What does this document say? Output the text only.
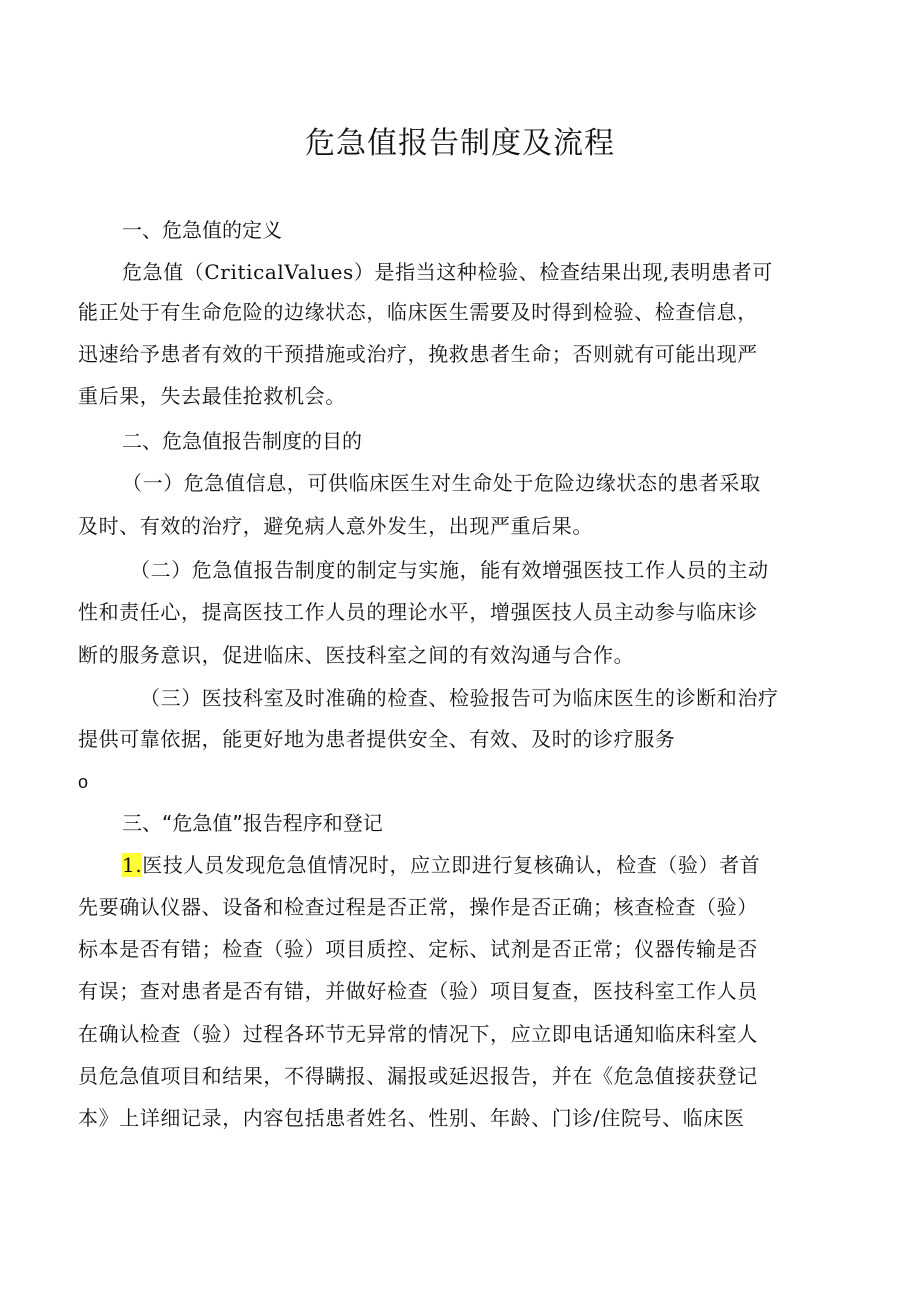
危急值报告制度及流程
一、危急值的定义
危急值（CriticalValues）是指当这种检验、检查结果出现,表明患者可
能正处于有生命危险的边缘状态，临床医生需要及时得到检验、检查信息，
迅速给予患者有效的干预措施或治疗，挽救患者生命；否则就有可能出现严
重后果，失去最佳抢救机会。
二、危急值报告制度的目的
（一）危急值信息，可供临床医生对生命处于危险边缘状态的患者采取
及时、有效的治疗，避免病人意外发生，出现严重后果。
（二）危急值报告制度的制定与实施，能有效增强医技工作人员的主动
性和责任心，提高医技工作人员的理论水平，增强医技人员主动参与临床诊
断的服务意识，促进临床、医技科室之间的有效沟通与合作。
（三）医技科室及时准确的检查、检验报告可为临床医生的诊断和治疗
提供可靠依据，能更好地为患者提供安全、有效、及时的诊疗服务
o
三、“危急值”报告程序和登记
1.医技人员发现危急值情况时，应立即进行复核确认，检查（验）者首
先要确认仪器、设备和检查过程是否正常，操作是否正确；核查检查（验）
标本是否有错；检查（验）项目质控、定标、试剂是否正常；仪器传输是否
有误；查对患者是否有错，并做好检查（验）项目复查，医技科室工作人员
在确认检查（验）过程各环节无异常的情况下，应立即电话通知临床科室人
员危急值项目和结果，不得瞒报、漏报或延迟报告，并在《危急值接获登记
本》上详细记录，内容包括患者姓名、性别、年龄、门诊/住院号、临床医
